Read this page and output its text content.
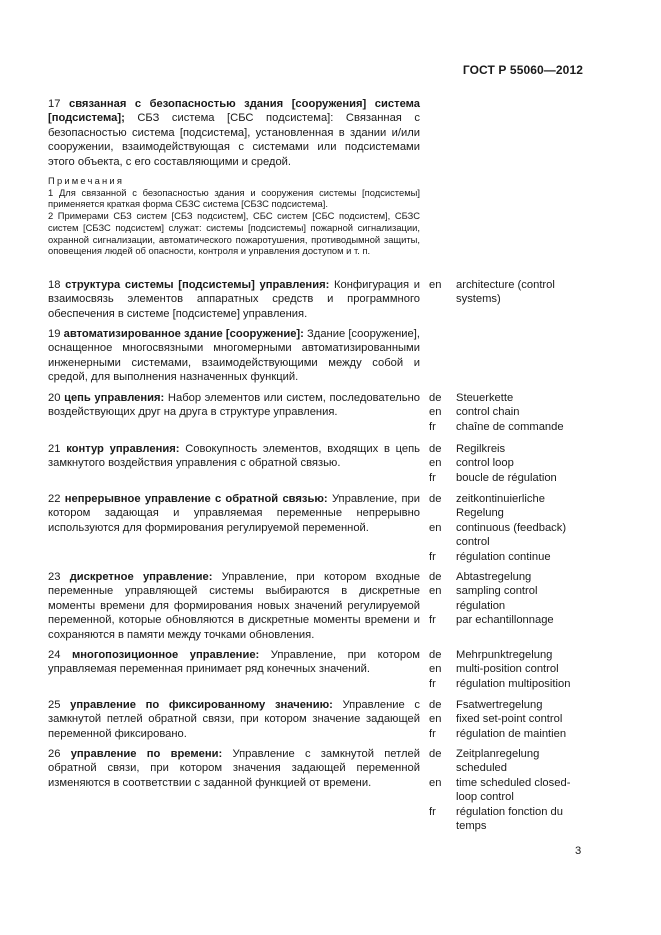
ГОСТ Р 55060—2012
17 связанная с безопасностью здания [сооружения] система [подсистема]; СБЗ система [СБС подсистема]: Связанная с безопасностью система [подсистема], установленная в здании и/или сооружении, взаимодействующая с системами или подсистемами этого объекта, с его составляющими и средой.
Примечания
1 Для связанной с безопасностью здания и сооружения системы [подсистемы] применяется краткая форма СБЗС система [СБЗС подсистема].
2 Примерами СБЗ систем [СБЗ подсистем], СБС систем [СБС подсистем], СБЗС систем [СБЗС подсистем] служат: системы [подсистемы] пожарной сигнализации, охранной сигнализации, автоматического пожаротушения, противодымной защиты, оповещения людей об опасности, контроля и управления доступом и т. п.
18 структура системы [подсистемы] управления: Конфигурация и взаимосвязь элементов аппаратных средств и программного обеспечения в системе [подсистеме] управления.
en	architecture (control systems)
19 автоматизированное здание [сооружение]: Здание [сооружение], оснащенное многосвязными многомерными автоматизированными инженерными системами, взаимодействующими между собой и средой, для выполнения назначенных функций.
20 цепь управления: Набор элементов или систем, последовательно воздействующих друг на друга в структуре управления.
de	Steuerkette
en	control chain
fr	chaîne de commande
21 контур управления: Совокупность элементов, входящих в цепь замкнутого воздействия управления с обратной связью.
de	Regilkreis
en	control loop
fr	boucle de régulation
22 непрерывное управление с обратной связью: Управление, при котором задающая и управляемая переменные непрерывно используются для формирования регулируемой переменной.
de	zeitkontinuierliche Regelung
en	continuous (feedback) control
fr	régulation continue
23 дискретное управление: Управление, при котором входные переменные управляющей системы выбираются в дискретные моменты времени для формирования новых значений регулируемой переменной, которые обновляются в дискретные моменты времени и сохраняются в памяти между точками обновления.
de	Abtastregelung
en	sampling control régulation
fr	par echantillonnage
24 многопозиционное управление: Управление, при котором управляемая переменная принимает ряд конечных значений.
de	Mehrpunktregelung
en	multi-position control
fr	régulation multiposition
25 управление по фиксированному значению: Управление с замкнутой петлей обратной связи, при котором значение задающей переменной фиксировано.
de	Fsatwertregelung
en	fixed set-point control
fr	régulation de maintien
26 управление по времени: Управление с замкнутой петлей обратной связи, при котором значения задающей переменной изменяются в соответствии с заданной функцией от времени.
de	Zeitplanregelung scheduled
en	time scheduled closed-loop control
fr	régulation fonction du temps
3
